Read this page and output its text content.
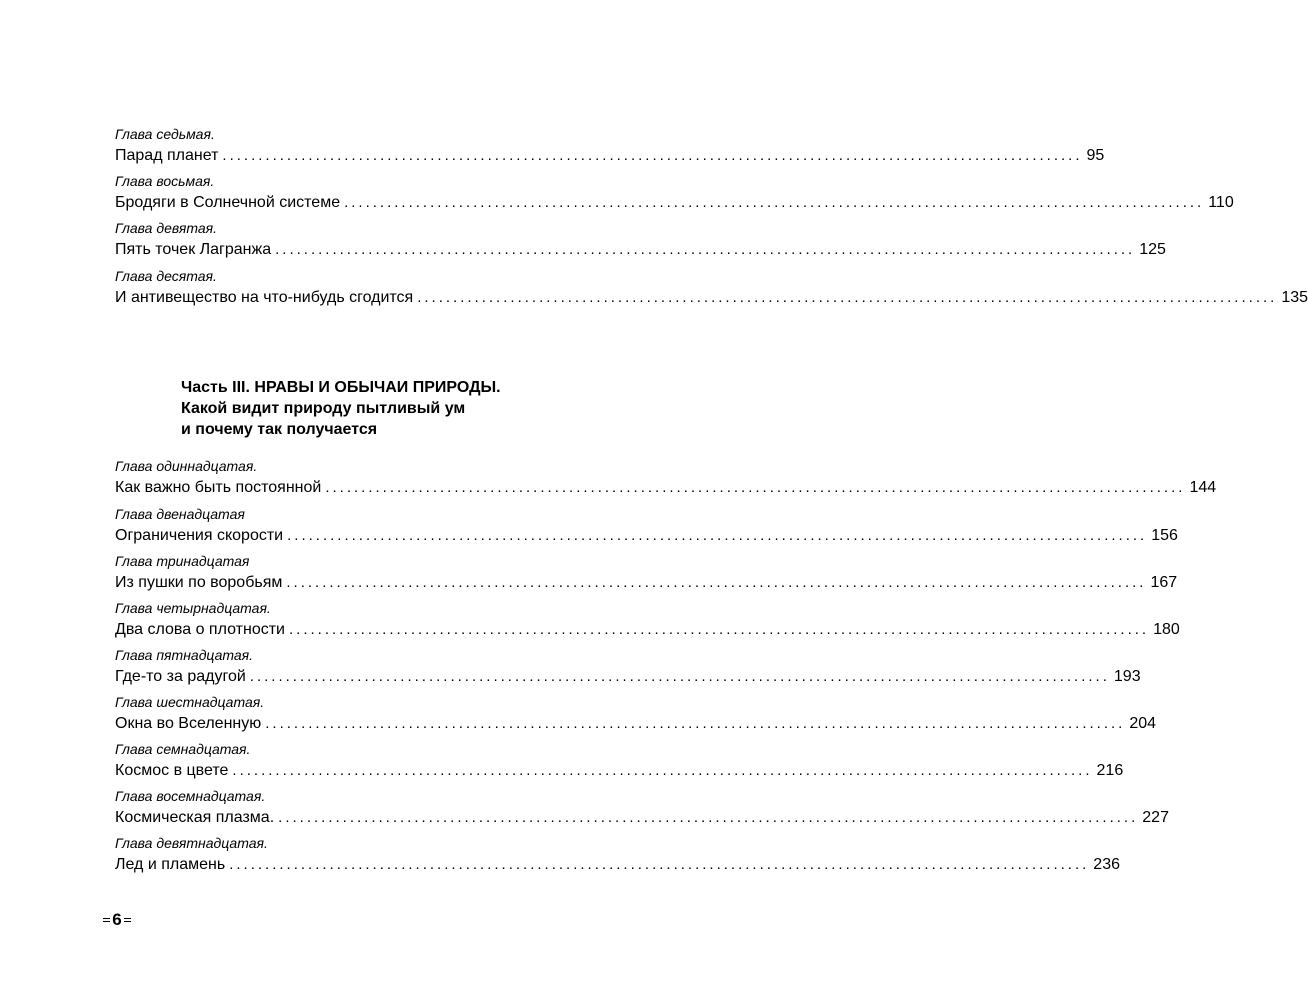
Глава седьмая.
Парад планет ........................................................................................................................ 95
Глава восьмая.
Бродяги в Солнечной системе ........................................................................................................................ 110
Глава девятая.
Пять точек Лагранжа ........................................................................................................................ 125
Глава десятая.
И антивещество на что-нибудь сгодится ........................................................................................................................ 135
Часть III. НРАВЫ И ОБЫЧАИ ПРИРОДЫ.
Какой видит природу пытливый ум
и почему так получается
Глава одиннадцатая.
Как важно быть постоянной ........................................................................................................................ 144
Глава двенадцатая
Ограничения скорости ........................................................................................................................ 156
Глава тринадцатая
Из пушки по воробьям ........................................................................................................................ 167
Глава четырнадцатая.
Два слова о плотности ........................................................................................................................ 180
Глава пятнадцатая.
Где-то за радугой ........................................................................................................................ 193
Глава шестнадцатая.
Окна во Вселенную ........................................................................................................................ 204
Глава семнадцатая.
Космос в цвете ........................................................................................................................ 216
Глава восемнадцатая.
Космическая плазма. ........................................................................................................................ 227
Глава девятнадцатая.
Лед и пламень ........................................................................................................................ 236
6
